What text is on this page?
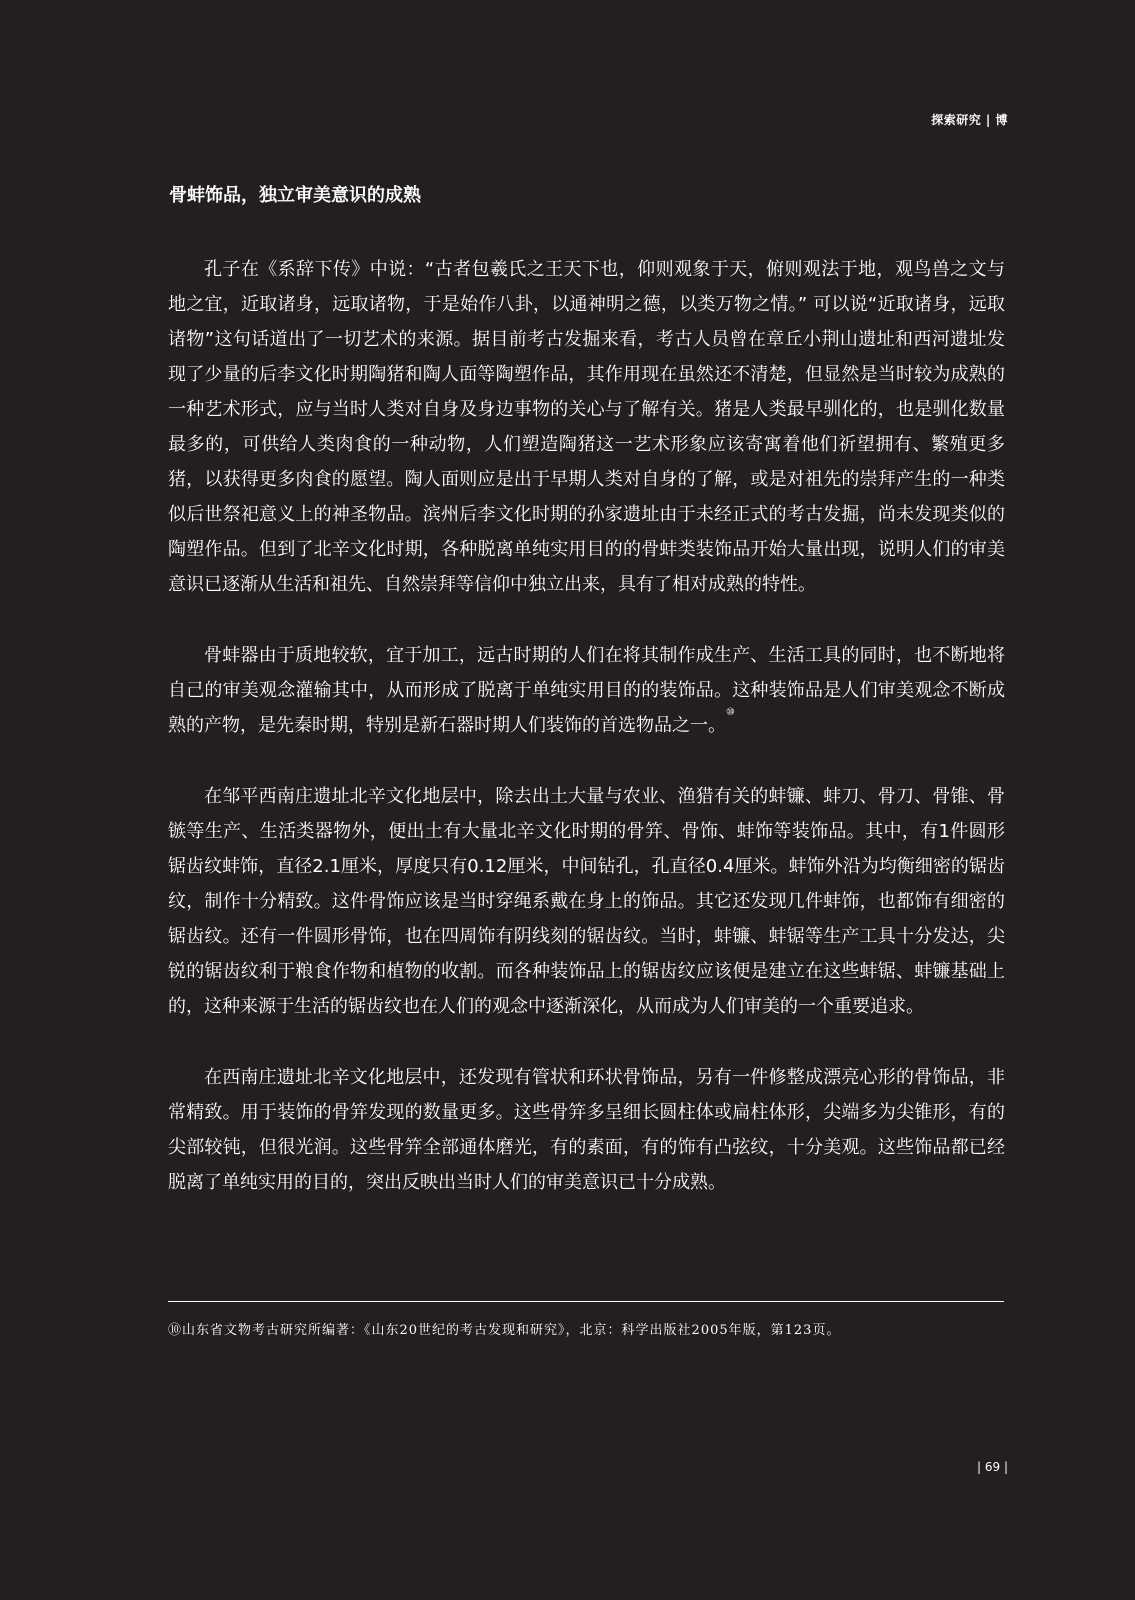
探索研究 | 博
骨蚌饰品，独立审美意识的成熟

孔子在《系辞下传》中说：“古者包羲氏之王天下也，仰则观象于天，俯则观法于地，观鸟兽之文与地之宜，近取诸身，远取诸物，于是始作八卦，以通神明之德，以类万物之情。” 可以说“近取诸身，远取诸物”这句话道出了一切艺术的来源。据目前考古发掘来看，考古人员曾在章丘小荆山遗址和西河遗址发现了少量的后李文化时期陶猪和陶人面等陶塑作品，其作用现在虽然还不清楚，但显然是当时较为成熟的一种艺术形式，应与当时人类对自身及身边事物的关心与了解有关。猪是人类最早驯化的，也是驯化数量最多的，可供给人类肉食的一种动物，人们塑造陶猪这一艺术形象应该寄寓着他们祈望拥有、繁殖更多猪，以获得更多肉食的愿望。陶人面则应是出于早期人类对自身的了解，或是对祖先的崇拜产生的一种类似后世祭祀意义上的神圣物品。滨州后李文化时期的孙家遗址由于未经正式的考古发掘，尚未发现类似的陶塑作品。但到了北辛文化时期，各种脱离单纯实用目的的骨蚌类装饰品开始大量出现，说明人们的审美意识已逐渐从生活和祖先、自然崇拜等信仰中独立出来，具有了相对成熟的特性。

骨蚌器由于质地较软，宜于加工，远古时期的人们在将其制作成生产、生活工具的同时，也不断地将自己的审美观念灌输其中，从而形成了脱离于单纯实用目的的装饰品。这种装饰品是人们审美观念不断成熟的产物，是先秦时期，特别是新石器时期人们装饰的首选物品之一。⑩

在邹平西南庄遗址北辛文化地层中，除去出土大量与农业、渔猎有关的蚌镰、蚌刀、骨刀、骨锥、骨镞等生产、生活类器物外，便出土有大量北辛文化时期的骨笄、骨饰、蚌饰等装饰品。其中，有1件圆形锯齿纹蚌饰，直径2.1厘米，厚度只有0.12厘米，中间钻孔，孔直径0.4厘米。蚌饰外沿为均衡细密的锯齿纹，制作十分精致。这件骨饰应该是当时穿绳系戴在身上的饰品。其它还发现几件蚌饰，也都饰有细密的锯齿纹。还有一件圆形骨饰，也在四周饰有阴线刻的锯齿纹。当时，蚌镰、蚌锯等生产工具十分发达，尖锐的锯齿纹利于粮食作物和植物的收割。而各种装饰品上的锯齿纹应该便是建立在这些蚌锯、蚌镰基础上的，这种来源于生活的锯齿纹也在人们的观念中逐渐深化，从而成为人们审美的一个重要追求。

在西南庄遗址北辛文化地层中，还发现有管状和环状骨饰品，另有一件修整成漂亮心形的骨饰品，非常精致。用于装饰的骨笄发现的数量更多。这些骨笄多呈细长圆柱体或扁柱体形，尖端多为尖锥形，有的尖部较钝，但很光润。这些骨笄全部通体磨光，有的素面，有的饰有凸弦纹，十分美观。这些饰品都已经脱离了单纯实用的目的，突出反映出当时人们的审美意识已十分成熟。

⑩山东省文物考古研究所编著：《山东20世纪的考古发现和研究》，北京：科学出版社2005年版，第123页。
| 69 |
